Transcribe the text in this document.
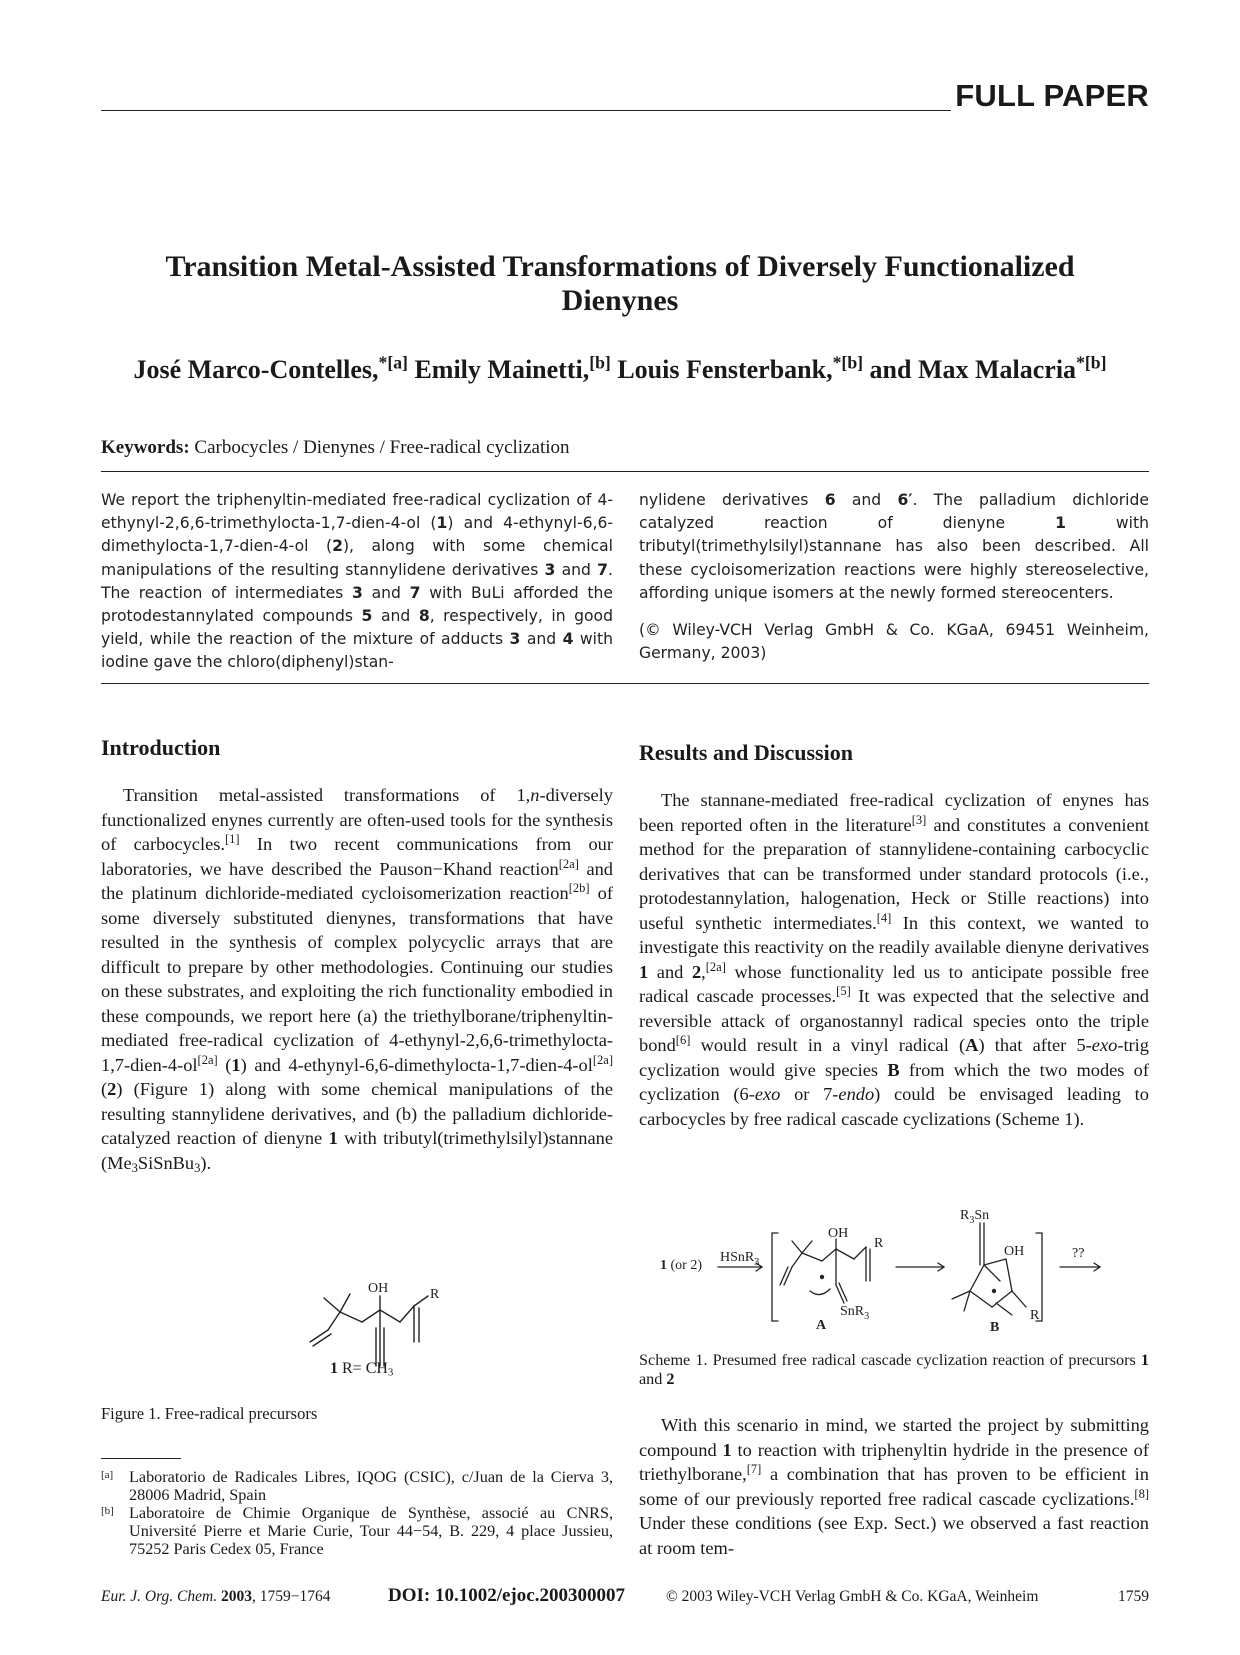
FULL PAPER
Transition Metal-Assisted Transformations of Diversely Functionalized Dienynes
José Marco-Contelles,$^{*[a]}$ Emily Mainetti,[b] Louis Fensterbank,$^{*[b]}$ and Max Malacria$^{*[b]}$
Keywords: Carbocycles / Dienynes / Free-radical cyclization
We report the triphenyltin-mediated free-radical cyclization of 4-ethynyl-2,6,6-trimethylocta-1,7-dien-4-ol (1) and 4-ethynyl-6,6-dimethylocta-1,7-dien-4-ol (2), along with some chemical manipulations of the resulting stannylidene derivatives 3 and 7. The reaction of intermediates 3 and 7 with BuLi afforded the protodestannylated compounds 5 and 8, respectively, in good yield, while the reaction of the mixture of adducts 3 and 4 with iodine gave the chloro(diphenyl)stan-

nylidene derivatives 6 and 6′. The palladium dichloride catalyzed reaction of dienyne 1 with tributyl(trimethylsilyl)stannane has also been described. All these cycloisomerization reactions were highly stereoselective, affording unique isomers at the newly formed stereocenters.

(© Wiley-VCH Verlag GmbH & Co. KGaA, 69451 Weinheim, Germany, 2003)

Introduction

Transition metal-assisted transformations of 1,n-diversely functionalized enynes currently are often-used tools for the synthesis of carbocycles.[1] In two recent communications from our laboratories, we have described the Pauson−Khand reaction[2a] and the platinum dichloride-mediated cycloisomerization reaction[2b] of some diversely substituted dienynes, transformations that have resulted in the synthesis of complex polycyclic arrays that are difficult to prepare by other methodologies. Continuing our studies on these substrates, and exploiting the rich functionality embodied in these compounds, we report here (a) the triethylborane/triphenyltin-mediated free-radical cyclization of 4-ethynyl-2,6,6-trimethylocta-1,7-dien-4-ol[2a] (1) and 4-ethynyl-6,6-dimethylocta-1,7-dien-4-ol[2a] (2) (Figure 1) along with some chemical manipulations of the resulting stannylidene derivatives, and (b) the palladium dichloride-catalyzed reaction of dienyne 1 with tributyl(trimethylsilyl)stannane $(Me_3SiSnBu_3)$.

OH	R
1 $R= CH_3$
Figure 1. Free-radical precursors
Results and Discussion

The stannane-mediated free-radical cyclization of enynes has been reported often in the literature[3] and constitutes a convenient method for the preparation of stannylidene-containing carbocyclic derivatives that can be transformed under standard protocols (i.e., protodestannylation, halogenation, Heck or Stille reactions) into useful synthetic intermediates.[4] In this context, we wanted to investigate this reactivity on the readily available dienyne derivatives 1 and 2,[2a] whose functionality led us to anticipate possible free radical cascade processes.[5] It was expected that the selective and reversible attack of organostannyl radical species onto the triple bond[6] would result in a vinyl radical (A) that after 5-exo-trig cyclization would give species B from which the two modes of cyclization (6-exo or 7-endo) could be envisaged leading to carbocycles by free radical cascade cyclizations (Scheme 1).

1 (or 2)
HSnR$_3$
OH
R
SnR$_3$
A
$R_3Sn$
OH
R
B
??
Scheme 1. Presumed free radical cascade cyclization reaction of precursors 1 and 2

With this scenario in mind, we started the project by submitting compound 1 to reaction with triphenyltin hydride in the presence of triethylborane,[7] a combination that has proven to be efficient in some of our previously reported free radical cascade cyclizations.[8] Under these conditions (see Exp. Sect.) we observed a fast reaction at room tem-

[a] Laboratorio de Radicales Libres, IQOG (CSIC), c/Juan de la Cierva 3, 28006 Madrid, Spain
[b] Laboratoire de Chimie Organique de Synthèse, associé au CNRS, Université Pierre et Marie Curie, Tour 44−54, B. 229, 4 place Jussieu, 75252 Paris Cedex 05, France
Eur. J. Org. Chem. 2003, 1759−1764	DOI: 10.1002/ejoc.200300007	© 2003 Wiley-VCH Verlag GmbH & Co. KGaA, Weinheim	1759
